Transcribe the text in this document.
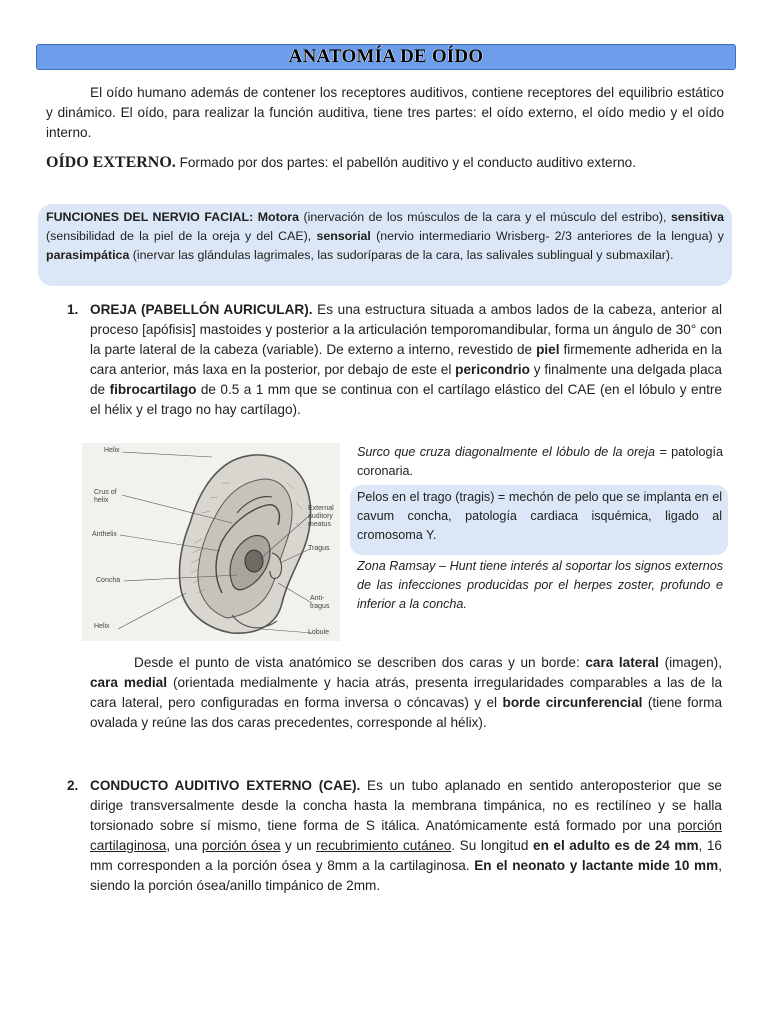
ANATOMÍA DE OÍDO
El oído humano además de contener los receptores auditivos, contiene receptores del equilibrio estático y dinámico. El oído, para realizar la función auditiva, tiene tres partes: el oído externo, el oído medio y el oído interno.
OÍDO EXTERNO. Formado por dos partes: el pabellón auditivo y el conducto auditivo externo.
FUNCIONES DEL NERVIO FACIAL: Motora (inervación de los músculos de la cara y el músculo del estribo), sensitiva (sensibilidad de la piel de la oreja y del CAE), sensorial (nervio intermediario Wrisberg- 2/3 anteriores de la lengua) y parasimpática (inervar las glándulas lagrimales, las sudoríparas de la cara, las salivales sublingual y submaxilar).
1. OREJA (PABELLÓN AURICULAR). Es una estructura situada a ambos lados de la cabeza, anterior al proceso [apófisis] mastoides y posterior a la articulación temporomandibular, forma un ángulo de 30° con la parte lateral de la cabeza (variable). De externo a interno, revestido de piel firmemente adherida en la cara anterior, más laxa en la posterior, por debajo de este el pericondrio y finalmente una delgada placa de fibrocartilago de 0.5 a 1 mm que se continua con el cartílago elástico del CAE (en el lóbulo y entre el hélix y el trago no hay cartílago).
Helix
Crus of
helix
Anthelix
Concha
Helix
External
auditory
meatus
Tragus
Anti-
tragus
Lobule
Surco que cruza diagonalmente el lóbulo de la oreja = patología coronaria.
Pelos en el trago (tragis) = mechón de pelo que se implanta en el cavum concha, patología cardiaca isquémica, ligado al cromosoma Y.
Zona Ramsay – Hunt tiene interés al soportar los signos externos de las infecciones producidas por el herpes zoster, profundo e inferior a la concha.
Desde el punto de vista anatómico se describen dos caras y un borde: cara lateral (imagen), cara medial (orientada medialmente y hacia atrás, presenta irregularidades comparables a las de la cara lateral, pero configuradas en forma inversa o cóncavas) y el borde circunferencial (tiene forma ovalada y reúne las dos caras precedentes, corresponde al hélix).
2. CONDUCTO AUDITIVO EXTERNO (CAE). Es un tubo aplanado en sentido anteroposterior que se dirige transversalmente desde la concha hasta la membrana timpánica, no es rectilíneo y se halla torsionado sobre sí mismo, tiene forma de S itálica. Anatómicamente está formado por una porción cartilaginosa, una porción ósea y un recubrimiento cutáneo. Su longitud en el adulto es de 24 mm, 16 mm corresponden a la porción ósea y 8mm a la cartilaginosa. En el neonato y lactante mide 10 mm, siendo la porción ósea/anillo timpánico de 2mm.
